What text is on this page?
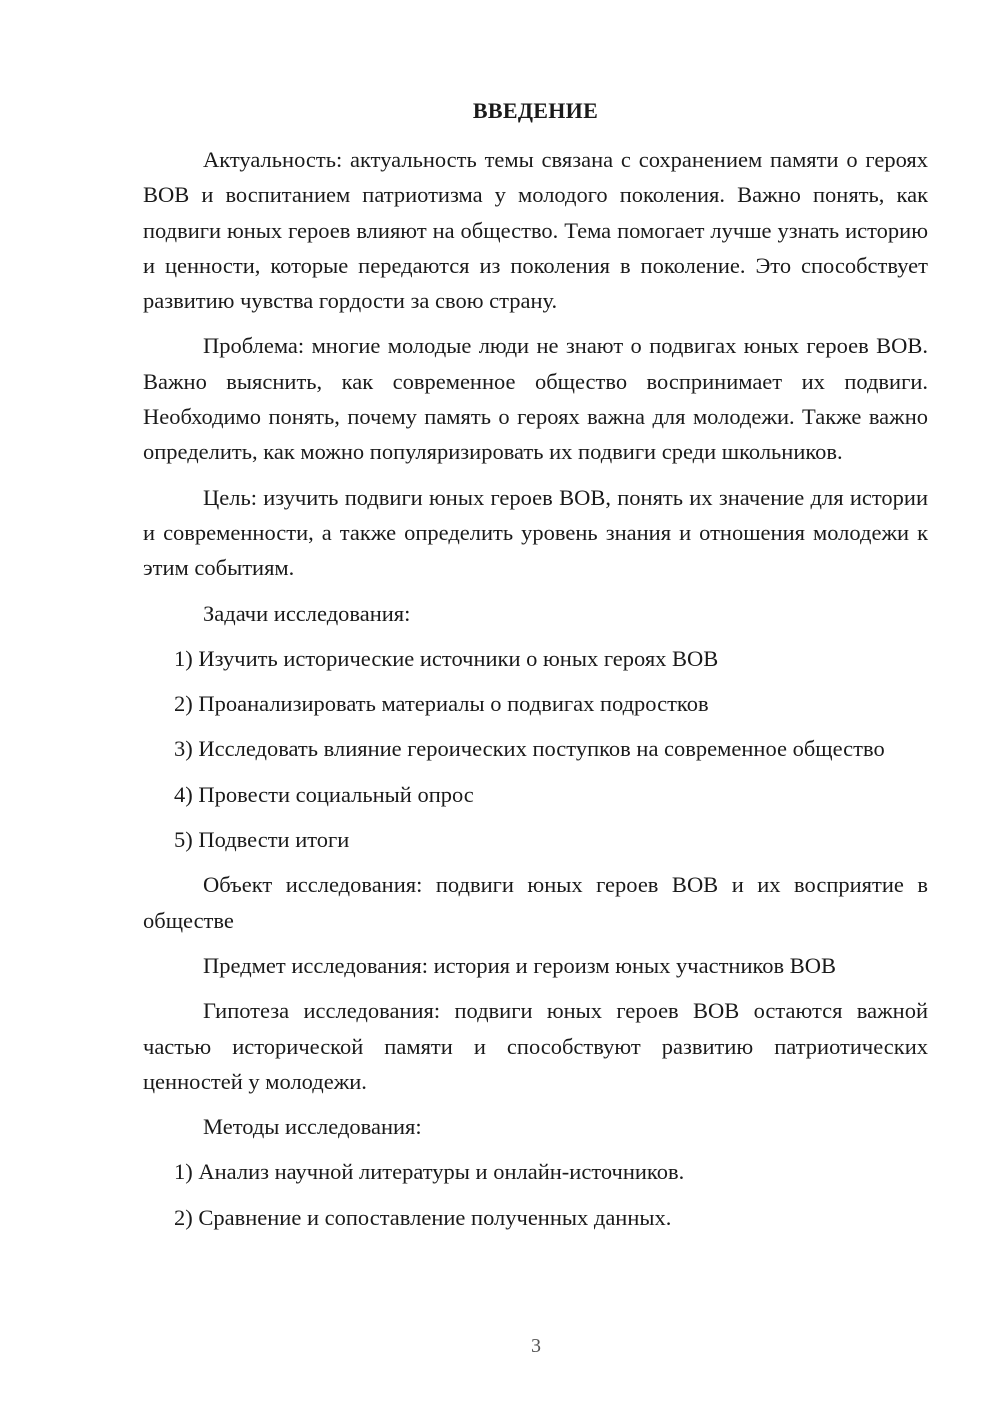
ВВЕДЕНИЕ

Актуальность: актуальность темы связана с сохранением памяти о героях ВОВ и воспитанием патриотизма у молодого поколения. Важно понять, как подвиги юных героев влияют на общество. Тема помогает лучше узнать историю и ценности, которые передаются из поколения в поколение. Это способствует развитию чувства гордости за свою страну.

Проблема: многие молодые люди не знают о подвигах юных героев ВОВ. Важно выяснить, как современное общество воспринимает их подвиги. Необходимо понять, почему память о героях важна для молодежи. Также важно определить, как можно популяризировать их подвиги среди школьников.

Цель: изучить подвиги юных героев ВОВ, понять их значение для истории и современности, а также определить уровень знания и отношения молодежи к этим событиям.

Задачи исследования:

1) Изучить исторические источники о юных героях ВОВ

2) Проанализировать материалы о подвигах подростков

3) Исследовать влияние героических поступков на современное общество

4) Провести социальный опрос

5) Подвести итоги

Объект исследования: подвиги юных героев ВОВ и их восприятие в обществе

Предмет исследования: история и героизм юных участников ВОВ

Гипотеза исследования: подвиги юных героев ВОВ остаются важной частью исторической памяти и способствуют развитию патриотических ценностей у молодежи.

Методы исследования:

1) Анализ научной литературы и онлайн-источников.

2) Сравнение и сопоставление полученных данных.

3
